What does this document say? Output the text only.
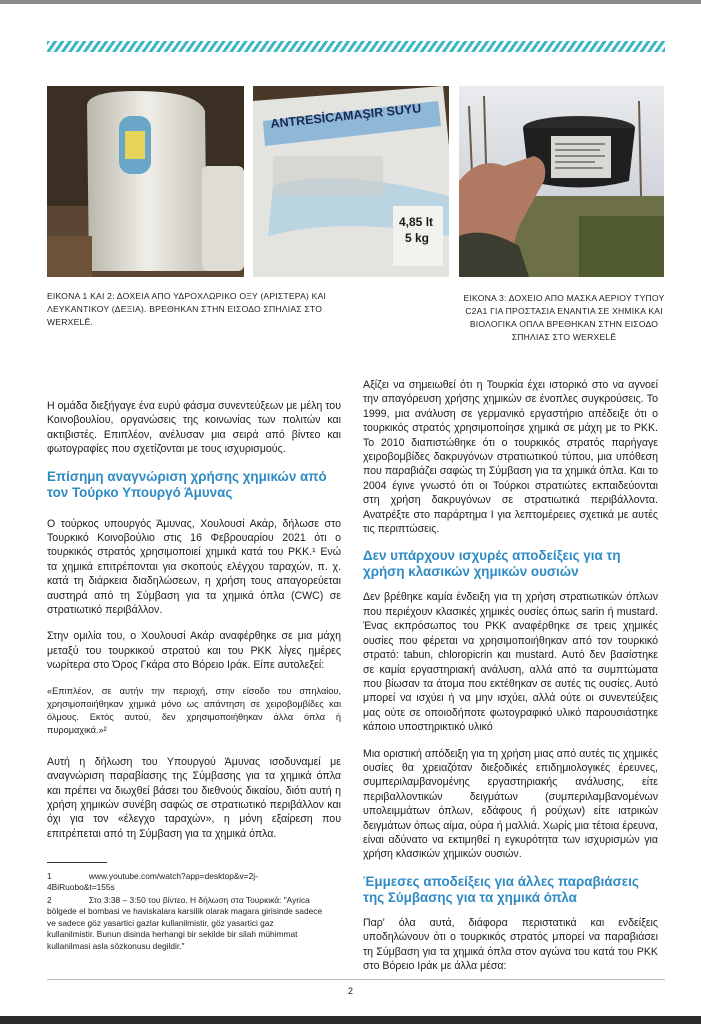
ANTRESİCAMAŞIR SUYU
4,85 lt
5 kg
ΕΙΚΟΝΑ 1 ΚΑΙ 2: ΔΟΧΕΙΑ ΑΠΟ ΥΔΡΟΧΛΩΡΙΚΟ ΟΞΥ (ΑΡΙΣΤΕΡΑ) ΚΑΙ ΛΕΥΚΑΝΤΙΚΟΥ (ΔΕΞΙΑ). ΒΡΕΘΗΚΑΝ ΣΤΗΝ ΕΙΣΟΔΟ ΣΠΗΛΙΑΣ ΣΤΟ WERXELÊ.
ΕΙΚΟΝΑ 3: ΔΟΧΕΙΟ ΑΠΟ ΜΑΣΚΑ ΑΕΡΙΟΥ ΤΥΠΟΥ C2A1 ΓΙΑ ΠΡΟΣΤΑΣΙΑ ΕΝΑΝΤΙΑ ΣΕ ΧΗΜΙΚΑ ΚΑΙ ΒΙΟΛΟΓΙΚΑ ΟΠΛΑ ΒΡΕΘΗΚΑΝ ΣΤΗΝ ΕΙΣΟΔΟ ΣΠΗΛΙΑΣ ΣΤΟ WERXELÊ

Η ομάδα διεξήγαγε ένα ευρύ φάσμα συνεντεύξεων με μέλη του Κοινοβουλίου, οργανώσεις της κοινωνίας των πολιτών και ακτιβιστές. Επιπλέον, ανέλυσαν μια σειρά από βίντεο και φωτογραφίες που σχετίζονται με τους ισχυρισμούς.

Επίσημη αναγνώριση χρήσης χημικών από τον Τούρκο Υπουργό Άμυνας

Ο τούρκος υπουργός Άμυνας, Χουλουσί Ακάρ, δήλωσε στο Τουρκικό Κοινοβούλιο στις 16 Φεβρουαρίου 2021 ότι ο τουρκικός στρατός χρησιμοποιεί χημικά κατά του PKK.¹ Ενώ τα χημικά επιτρέπονται για σκοπούς ελέγχου ταραχών, π. χ. κατά τη διάρκεια διαδηλώσεων, η χρήση τους απαγορεύεται αυστηρά από τη Σύμβαση για τα χημικά όπλα (CWC) σε στρατιωτικό περιβάλλον.

Στην ομιλία του, ο Χουλουσί Ακάρ αναφέρθηκε σε μια μάχη μεταξύ του τουρκικού στρατού και του PKK λίγες ημέρες νωρίτερα στο Όρος Γκάρα στο Βόρειο Ιράκ. Είπε αυτολεξεί:

«Επιπλέον, σε αυτήν την περιοχή, στην είσοδο του σπηλαίου, χρησιμοποιήθηκαν χημικά μόνο ως απάντηση σε χειροβομβίδες και όλμους. Εκτός αυτού, δεν χρησιμοποιήθηκαν άλλα όπλα ή πυρομαχικά.»²

Αυτή η δήλωση του Υπουργού Άμυνας ισοδυναμεί με αναγνώριση παραβίασης της Σύμβασης για τα χημικά όπλα και πρέπει να διωχθεί βάσει του διεθνούς δικαίου, διότι αυτή η χρήση χημικών συνέβη σαφώς σε στρατιωτικό περιβάλλον και όχι για τον «έλεγχο ταραχών», η μόνη εξαίρεση που επιτρέπεται από τη Σύμβαση για τα χημικά όπλα.

1                www.youtube.com/watch?app=desktop&v=2j-4BiRuobo&t=155s
2                Στο 3:38 – 3:50 του βίντεο. Η δήλωση στα Τουρκικά: "Ayrica bölgede el bombasi ve haviskalara karsilik olarak magara girisinde sadece ve sadece göz yasartici gazlar kullanilmistir, göz yasartici gaz kullanilmistir. Bunun disinda herhangi bir sekilde bir silah mühimmat kullanilmasi asla sözkonusu degildir."

Αξίζει να σημειωθεί ότι η Τουρκία έχει ιστορικό στο να αγνοεί την απαγόρευση χρήσης χημικών σε ένοπλες συγκρούσεις. Το 1999, μια ανάλυση σε γερμανικό εργαστήριο απέδειξε ότι ο τουρκικός στρατός χρησιμοποίησε χημικά σε μάχη με το PKK. Το 2010 διαπιστώθηκε ότι ο τουρκικός στρατός παρήγαγε χειροβομβίδες δακρυγόνων στρατιωτικού τύπου, μια υπόθεση που παραβιάζει σαφώς τη Σύμβαση για τα χημικά όπλα. Και το 2004 έγινε γνωστό ότι οι Τούρκοι στρατιώτες εκπαιδεύονται στη χρήση δακρυγόνων σε στρατιωτικά περιβάλλοντα. Ανατρέξτε στο παράρτημα I για λεπτομέρειες σχετικά με αυτές τις περιπτώσεις.

Δεν υπάρχουν ισχυρές αποδείξεις για τη χρήση κλασικών χημικών ουσιών

Δεν βρέθηκε καμία ένδειξη για τη χρήση στρατιωτικών όπλων που περιέχουν κλασικές χημικές ουσίες όπως sarin ή mustard. Ένας εκπρόσωπος του PKK αναφέρθηκε σε τρεις χημικές ουσίες που φέρεται να χρησιμοποιήθηκαν από τον τουρκικό στρατό: tabun, chloropicrin και mustard. Αυτό δεν βασίστηκε σε καμία εργαστηριακή ανάλυση, αλλά από τα συμπτώματα που βίωσαν τα άτομα που εκτέθηκαν σε αυτές τις ουσίες. Αυτό μπορεί να ισχύει ή να μην ισχύει, αλλά ούτε οι συνεντεύξεις μας ούτε σε οποιοδήποτε φωτογραφικό υλικό παρουσιάστηκε κάποιο υποστηρικτικό υλικό

Μια οριστική απόδειξη για τη χρήση μιας από αυτές τις χημικές ουσίες θα χρειαζόταν διεξοδικές επιδημιολογικές έρευνες, συμπεριλαμβανομένης εργαστηριακής ανάλυσης, είτε περιβαλλοντικών δειγμάτων (συμπεριλαμβανομένων υπολειμμάτων όπλων, εδάφους ή ρούχων) είτε ιατρικών δειγμάτων όπως αίμα, ούρα ή μαλλιά. Χωρίς μια τέτοια έρευνα, είναι αδύνατο να εκτιμηθεί η εγκυρότητα των ισχυρισμών για χρήση κλασικών χημικών ουσιών.

Έμμεσες αποδείξεις για άλλες παραβιάσεις της Σύμβασης για τα χημικά όπλα

Παρ' όλα αυτά, διάφορα περιστατικά και ενδείξεις υποδηλώνουν ότι ο τουρκικός στρατός μπορεί να παραβιάσει τη Σύμβαση για τα χημικά όπλα στον αγώνα του κατά του PKK στο Βόρειο Ιράκ με άλλα μέσα:

2
